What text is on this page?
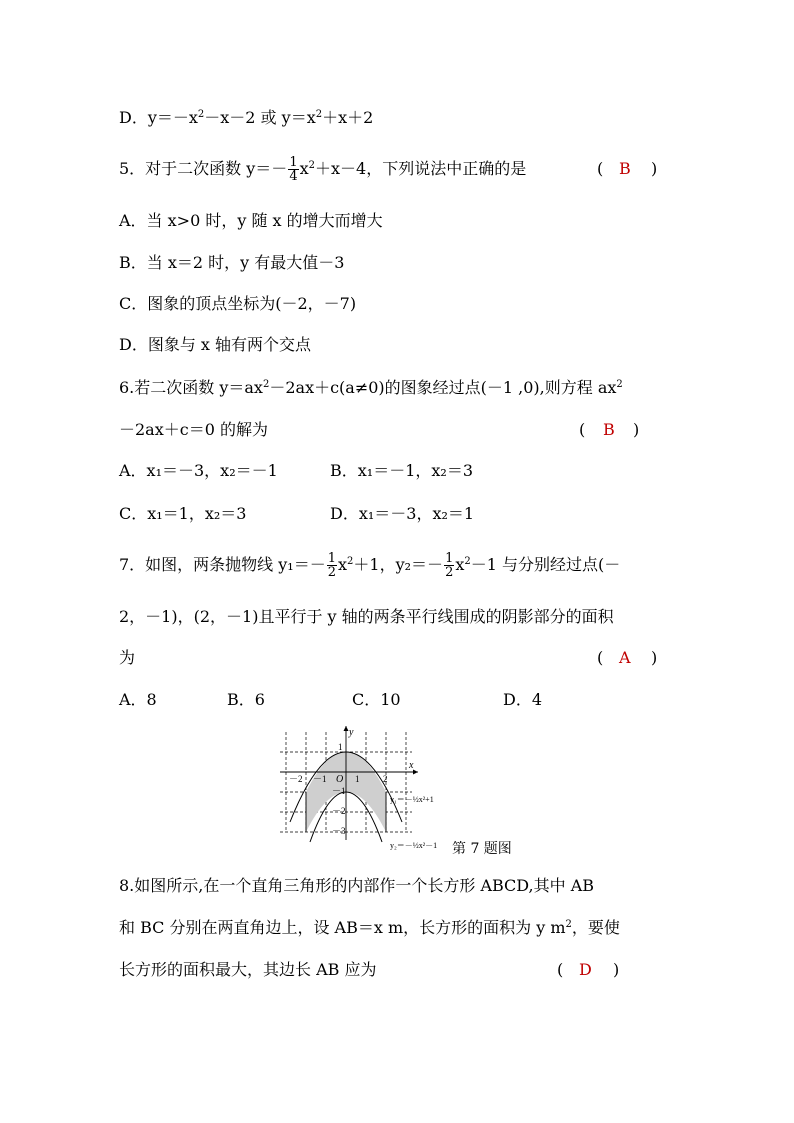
D．$y=-x^2-x-2$ 或 $y=x^2+x+2$
5．对于二次函数 $y=- \frac{1}{4} x^2+x-4$，下列说法中正确的是	( B )
A．当 x>0 时，y 随 x 的增大而增大
B．当 x＝2 时，y 有最大值－3
C．图象的顶点坐标为(－2，－7)
D．图象与 x 轴有两个交点
6.若二次函数 $y=ax^2-2ax+c(a\ne 0)$的图象经过点(－1 ,0),则方程 $ax^2$
－2ax＋c＝0 的解为	( B )
A．x₁＝－3，x₂＝－1	B．x₁＝－1，x₂＝3
C．x₁＝1，x₂＝3	D．x₁＝－3，x₂＝1
7．如图，两条抛物线 $y_1=- \frac{1}{2} x^2+1$，$y_2=- \frac{1}{2} x^2-1$ 与分别经过点(－
2，－1)，(2，－1)且平行于 y 轴的两条平行线围成的阴影部分的面积
为	( A )
A．8	B．6	C．10	D．4
y
x
O
－2 －1	1	2
1
－1
－2
－3
y₁＝－½x²+1
y₂＝－½x²－1 第 7 题图
8.如图所示,在一个直角三角形的内部作一个长方形 ABCD,其中 AB
和 BC 分别在两直角边上，设 AB＝x m，长方形的面积为 y $m^2$，要使
长方形的面积最大，其边长 AB 应为	( D )
